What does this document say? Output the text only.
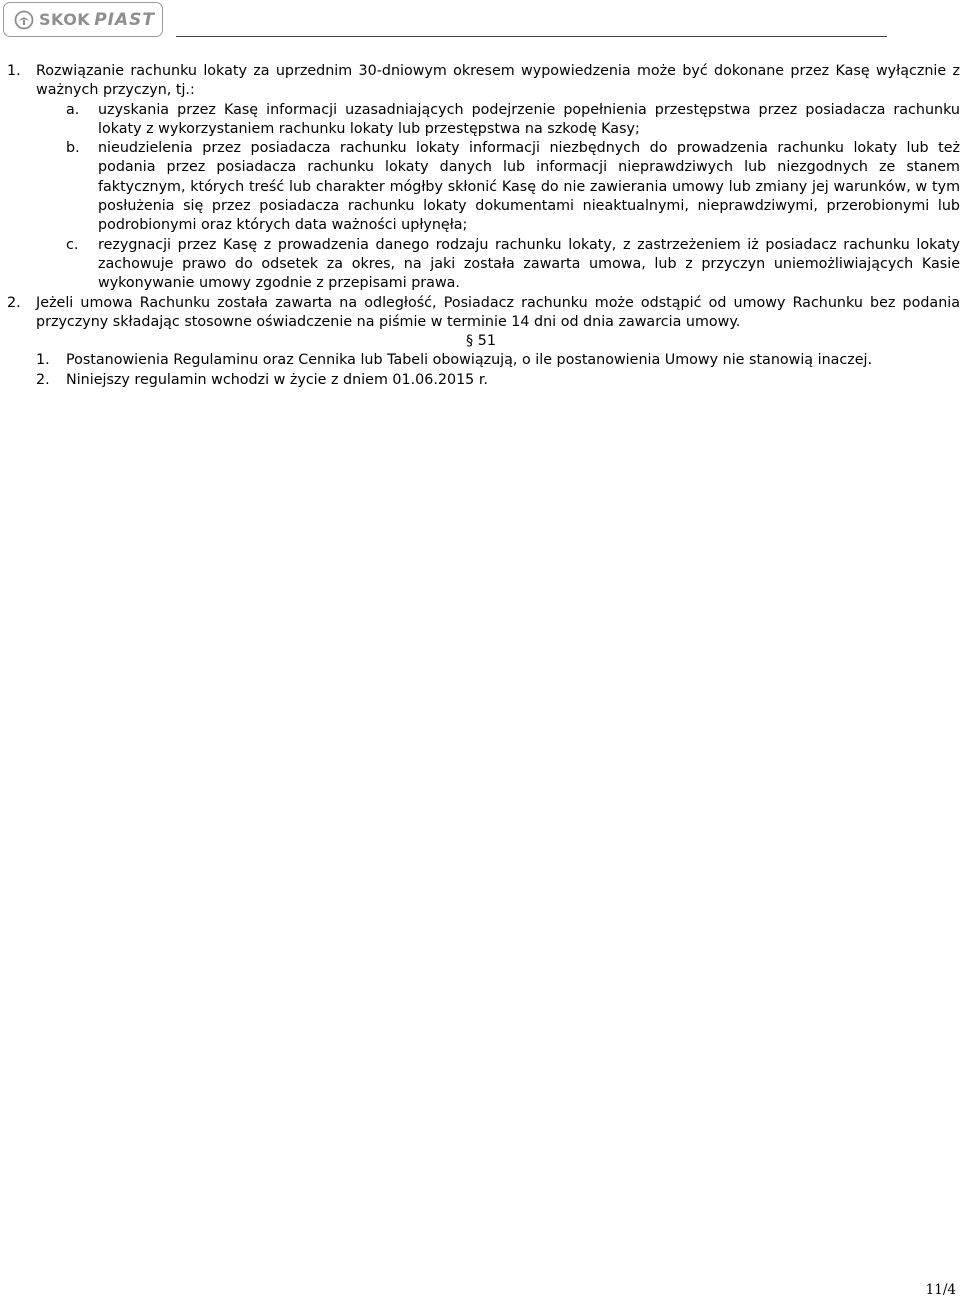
SKOK PIAST
1. Rozwiązanie rachunku lokaty za uprzednim 30-dniowym okresem wypowiedzenia może być dokonane przez Kasę wyłącznie z ważnych przyczyn, tj.:
a. uzyskania przez Kasę informacji uzasadniających podejrzenie popełnienia przestępstwa przez posiadacza rachunku lokaty z wykorzystaniem rachunku lokaty lub przestępstwa na szkodę Kasy;
b. nieudzielenia przez posiadacza rachunku lokaty informacji niezbędnych do prowadzenia rachunku lokaty lub też podania przez posiadacza rachunku lokaty danych lub informacji nieprawdziwych lub niezgodnych ze stanem faktycznym, których treść lub charakter mógłby skłonić Kasę do nie zawierania umowy lub zmiany jej warunków, w tym posłużenia się przez posiadacza rachunku lokaty dokumentami nieaktualnymi, nieprawdziwymi, przerobionymi lub podrobionymi oraz których data ważności upłynęła;
c. rezygnacji przez Kasę z prowadzenia danego rodzaju rachunku lokaty, z zastrzeżeniem iż posiadacz rachunku lokaty zachowuje prawo do odsetek za okres, na jaki została zawarta umowa, lub z przyczyn uniemożliwiających Kasie wykonywanie umowy zgodnie z przepisami prawa.
2. Jeżeli umowa Rachunku została zawarta na odległość, Posiadacz rachunku może odstąpić od umowy Rachunku bez podania przyczyny składając stosowne oświadczenie na piśmie w terminie 14 dni od dnia zawarcia umowy.
§ 51
1. Postanowienia Regulaminu oraz Cennika lub Tabeli obowiązują, o ile postanowienia Umowy nie stanowią inaczej.
2. Niniejszy regulamin wchodzi w życie z dniem 01.06.2015 r.
11/4
